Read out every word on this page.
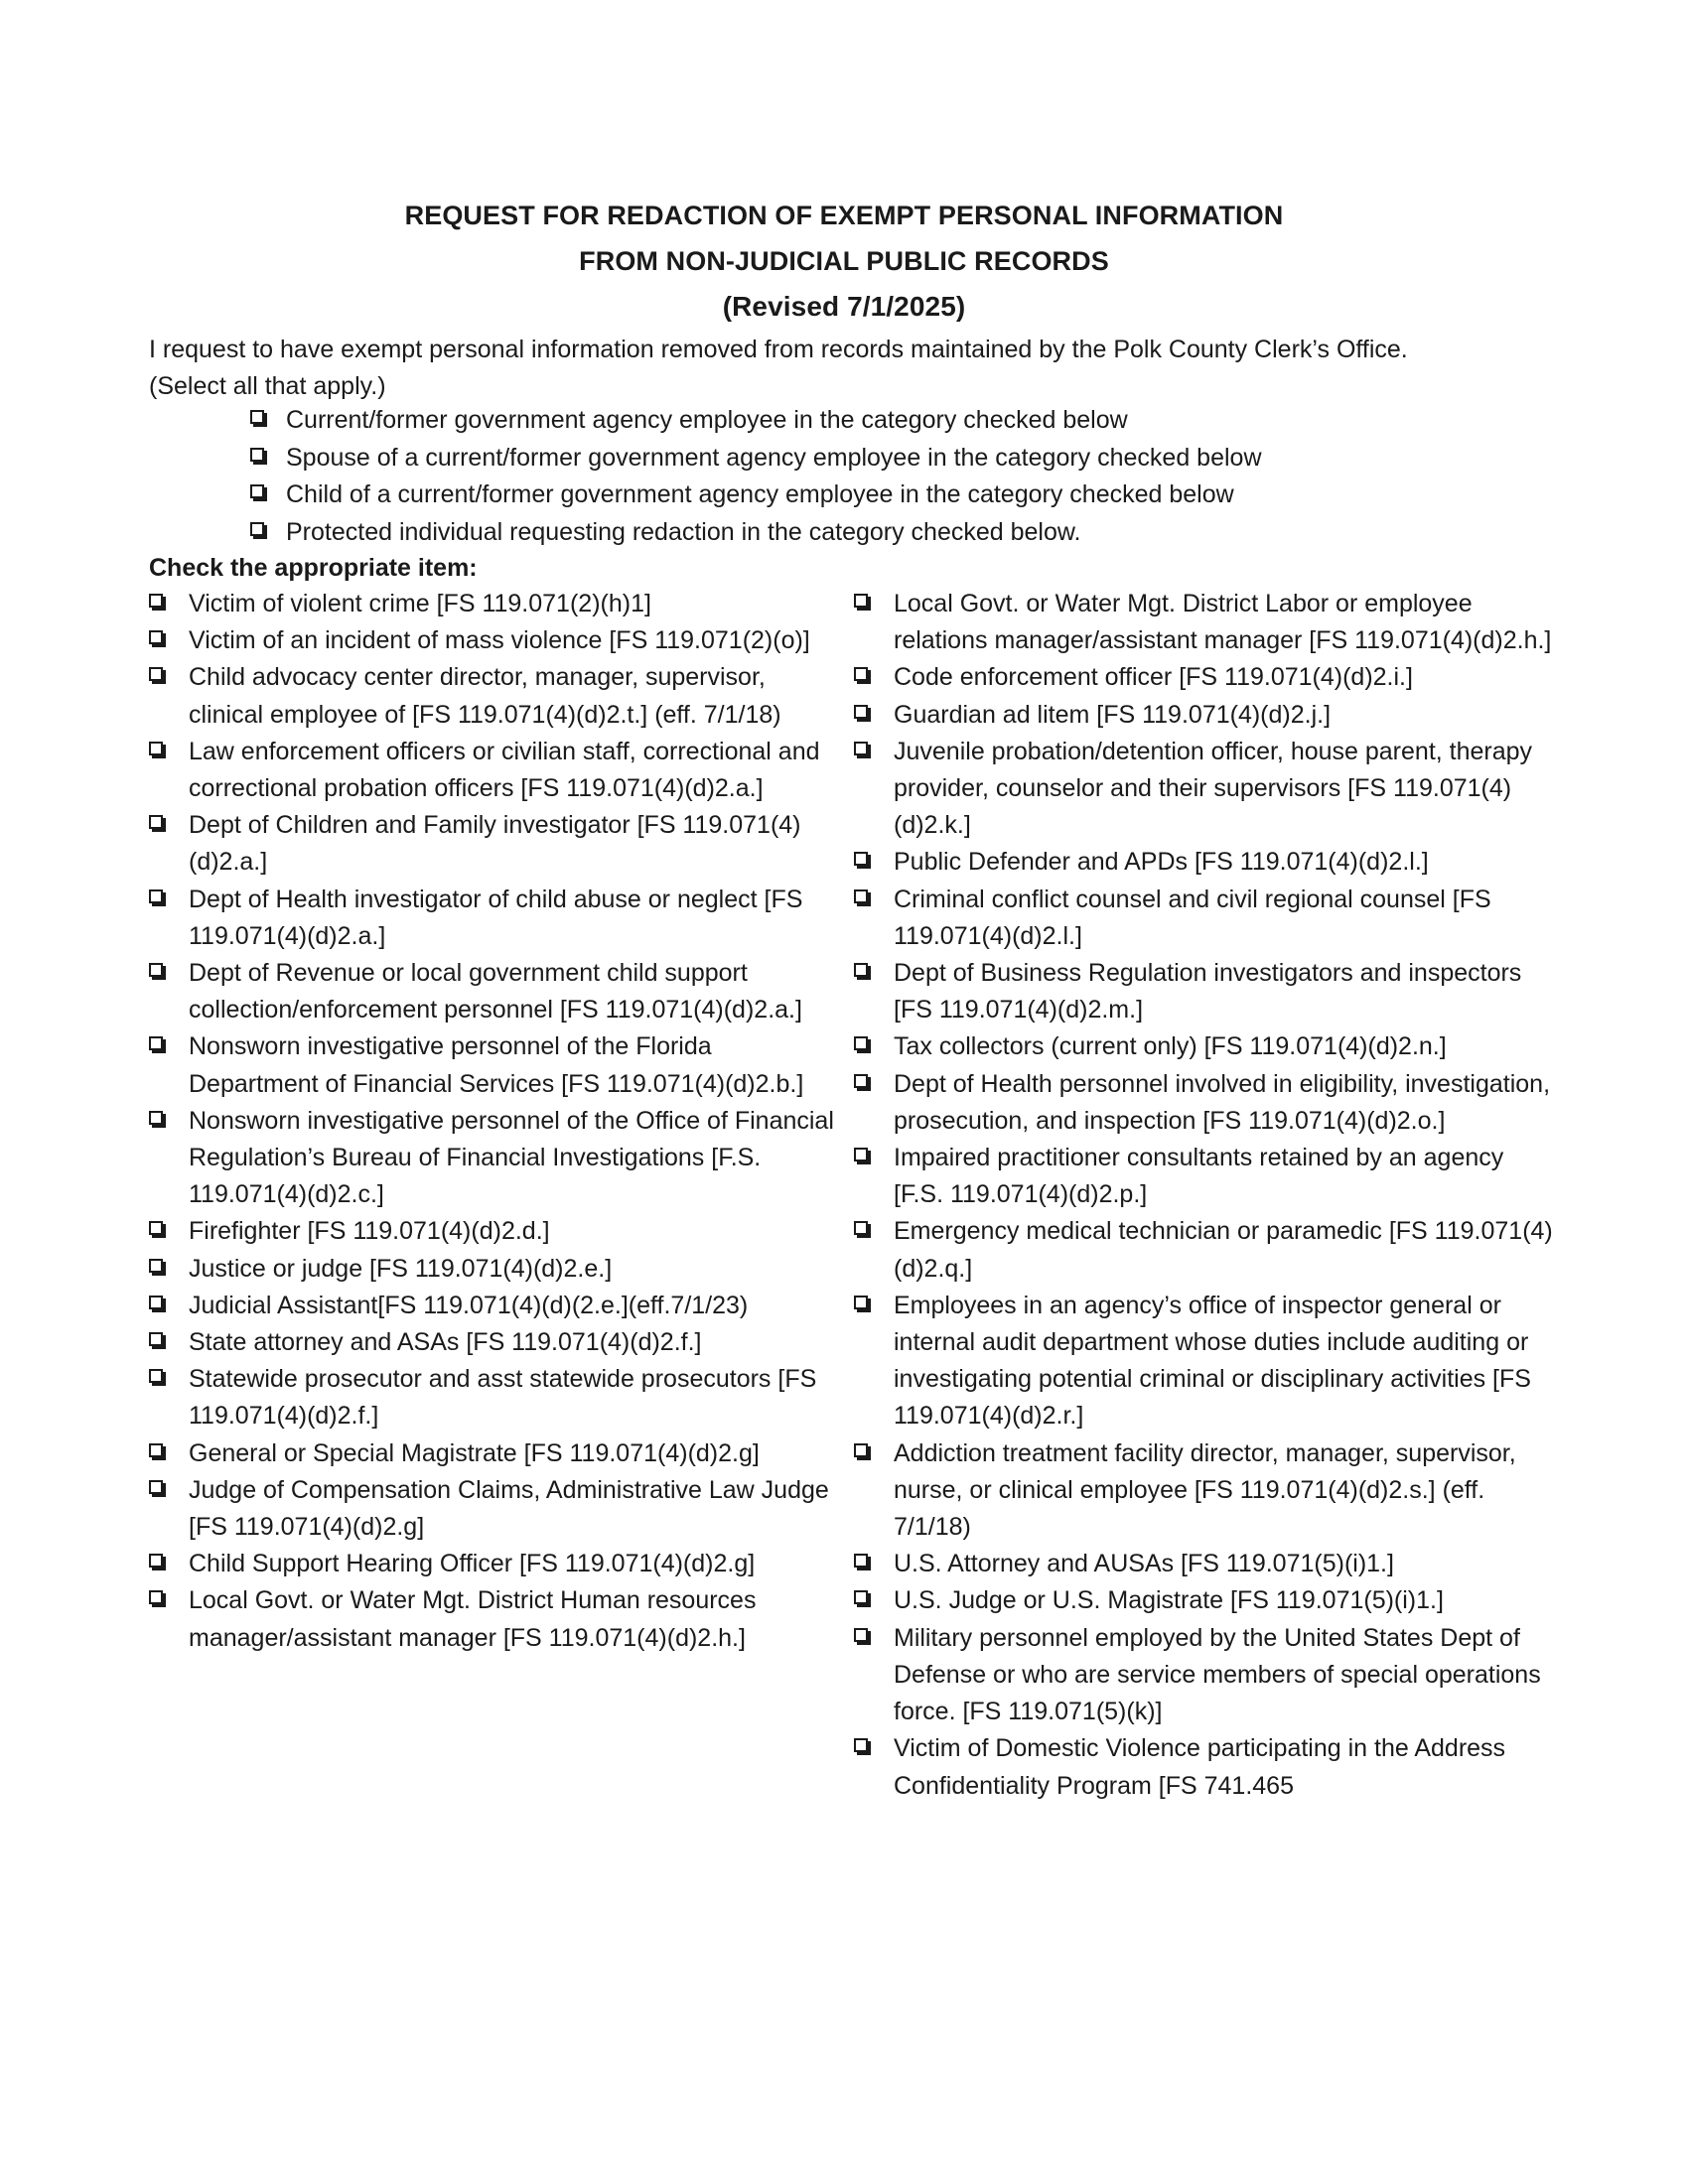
REQUEST FOR REDACTION OF EXEMPT PERSONAL INFORMATION
FROM NON-JUDICIAL PUBLIC RECORDS
(Revised 7/1/2025)

I request to have exempt personal information removed from records maintained by the Polk County Clerk’s Office.

(Select all that apply.)

Current/former government agency employee in the category checked below
Spouse of a current/former government agency employee in the category checked below
Child of a current/former government agency employee in the category checked below
Protected individual requesting redaction in the category checked below.
Check the appropriate item:
Victim of violent crime [FS 119.071(2)(h)1]
Victim of an incident of mass violence [FS 119.071(2)(o)]
Child advocacy center director, manager, supervisor, clinical employee of [FS 119.071(4)(d)2.t.] (eff. 7/1/18)
Law enforcement officers or civilian staff, correctional and correctional probation officers [FS 119.071(4)(d)2.a.]
Dept of Children and Family investigator [FS 119.071(4)(d)2.a.]
Dept of Health investigator of child abuse or neglect [FS 119.071(4)(d)2.a.]
Dept of Revenue or local government child support collection/enforcement personnel [FS 119.071(4)(d)2.a.]
Nonsworn investigative personnel of the Florida Department of Financial Services [FS 119.071(4)(d)2.b.]
Nonsworn investigative personnel of the Office of Financial Regulation’s Bureau of Financial Investigations [F.S. 119.071(4)(d)2.c.]
Firefighter [FS 119.071(4)(d)2.d.]
Justice or judge [FS 119.071(4)(d)2.e.]
Judicial Assistant[FS 119.071(4)(d)(2.e.](eff.7/1/23)
State attorney and ASAs [FS 119.071(4)(d)2.f.]
Statewide prosecutor and asst statewide prosecutors [FS 119.071(4)(d)2.f.]
General or Special Magistrate [FS 119.071(4)(d)2.g]
Judge of Compensation Claims, Administrative Law Judge [FS 119.071(4)(d)2.g]
Child Support Hearing Officer [FS 119.071(4)(d)2.g]
Local Govt. or Water Mgt. District Human resources manager/assistant manager [FS 119.071(4)(d)2.h.]
Local Govt. or Water Mgt. District Labor or employee relations manager/assistant manager [FS 119.071(4)(d)2.h.]
Code enforcement officer [FS 119.071(4)(d)2.i.]
Guardian ad litem [FS 119.071(4)(d)2.j.]
Juvenile probation/detention officer, house parent, therapy provider, counselor and their supervisors [FS 119.071(4)(d)2.k.]
Public Defender and APDs [FS 119.071(4)(d)2.l.]
Criminal conflict counsel and civil regional counsel [FS 119.071(4)(d)2.l.]
Dept of Business Regulation investigators and inspectors [FS 119.071(4)(d)2.m.]
Tax collectors (current only) [FS 119.071(4)(d)2.n.]
Dept of Health personnel involved in eligibility, investigation, prosecution, and inspection [FS 119.071(4)(d)2.o.]
Impaired practitioner consultants retained by an agency [F.S. 119.071(4)(d)2.p.]
Emergency medical technician or paramedic [FS 119.071(4)(d)2.q.]
Employees in an agency’s office of inspector general or internal audit department whose duties include auditing or investigating potential criminal or disciplinary activities [FS 119.071(4)(d)2.r.]
Addiction treatment facility director, manager, supervisor, nurse, or clinical employee [FS 119.071(4)(d)2.s.] (eff. 7/1/18)
U.S. Attorney and AUSAs [FS 119.071(5)(i)1.]
U.S. Judge or U.S. Magistrate [FS 119.071(5)(i)1.]
Military personnel employed by the United States Dept of Defense or who are service members of special operations force. [FS 119.071(5)(k)]
Victim of Domestic Violence participating in the Address Confidentiality Program [FS 741.465
